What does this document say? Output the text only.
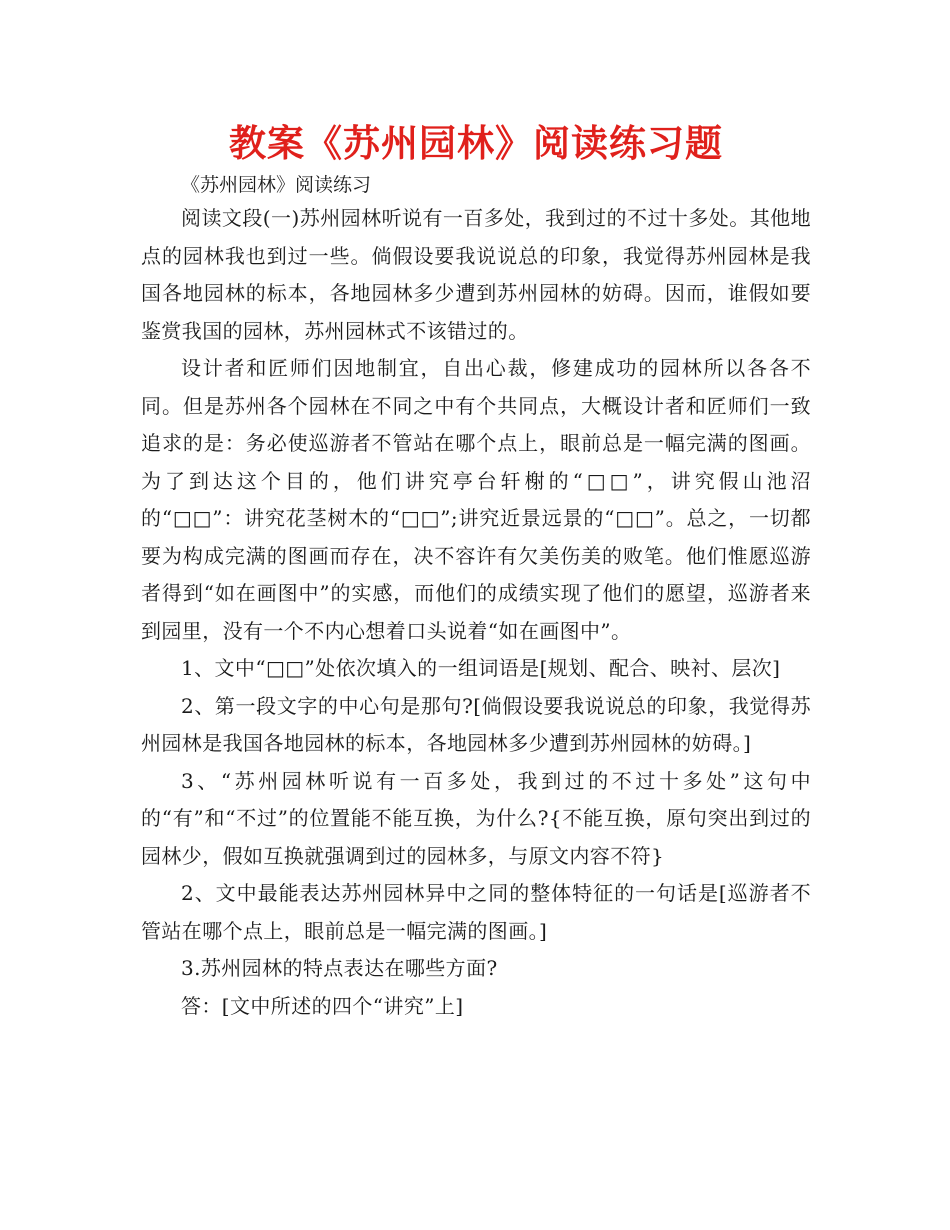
教案《苏州园林》阅读练习题

《苏州园林》阅读练习

阅读文段(一)苏州园林听说有一百多处，我到过的不过十多处。其他地点的园林我也到过一些。倘假设要我说说总的印象，我觉得苏州园林是我国各地园林的标本，各地园林多少遭到苏州园林的妨碍。因而，谁假如要鉴赏我国的园林，苏州园林式不该错过的。

设计者和匠师们因地制宜，自出心裁，修建成功的园林所以各各不同。但是苏州各个园林在不同之中有个共同点，大概设计者和匠师们一致追求的是：务必使巡游者不管站在哪个点上，眼前总是一幅完满的图画。为了到达这个目的，他们讲究亭台轩榭的“□□”，讲究假山池沼的“□□”：讲究花茎树木的“□□”;讲究近景远景的“□□”。总之，一切都要为构成完满的图画而存在，决不容许有欠美伤美的败笔。他们惟愿巡游者得到“如在画图中”的实感，而他们的成绩实现了他们的愿望，巡游者来到园里，没有一个不内心想着口头说着“如在画图中”。

1、文中“□□”处依次填入的一组词语是[规划、配合、映衬、层次]

2、第一段文字的中心句是那句?[倘假设要我说说总的印象，我觉得苏州园林是我国各地园林的标本，各地园林多少遭到苏州园林的妨碍。]

3、“苏州园林听说有一百多处，我到过的不过十多处”这句中的“有”和“不过”的位置能不能互换，为什么?{不能互换，原句突出到过的园林少，假如互换就强调到过的园林多，与原文内容不符}

2、文中最能表达苏州园林异中之同的整体特征的一句话是[巡游者不管站在哪个点上，眼前总是一幅完满的图画。]

3.苏州园林的特点表达在哪些方面?

答：[文中所述的四个“讲究”上]
